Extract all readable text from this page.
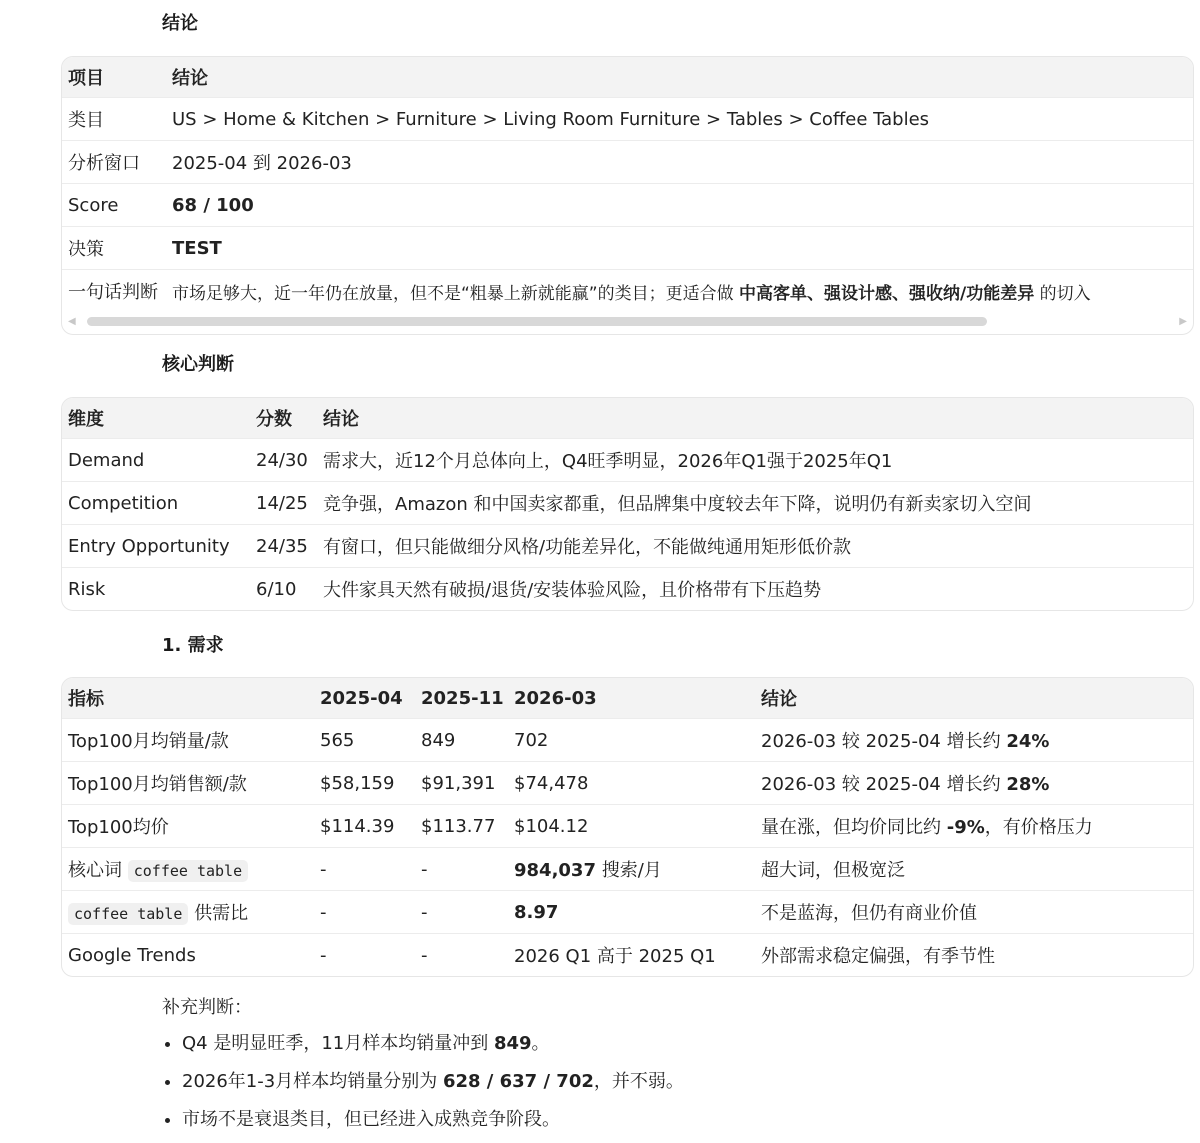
结论
项目	结论
类目	US > Home & Kitchen > Furniture > Living Room Furniture > Tables > Coffee Tables
分析窗口	2025-04 到 2026-03
Score	68 / 100
决策	TEST
一句话判断 市场足够大，近一年仍在放量，但不是“粗暴上新就能赢”的类目；更适合做 中高客单、强设计感、强收纳/功能差异 的切入
◀	▶
核心判断
维度	分数	结论
Demand	24/30 需求大，近12个月总体向上，Q4旺季明显，2026年Q1强于2025年Q1
Competition	14/25 竞争强，Amazon 和中国卖家都重，但品牌集中度较去年下降，说明仍有新卖家切入空间
Entry Opportunity	24/35 有窗口，但只能做细分风格/功能差异化，不能做纯通用矩形低价款
Risk	6/10	大件家具天然有破损/退货/安装体验风险，且价格带有下压趋势
1. 需求
指标	2025-04	2025-11 2026-03	结论
Top100月均销量/款	565	849	702	2026-03 较 2025-04 增长约 24%
Top100月均销售额/款	$58,159	$91,391	$74,478	2026-03 较 2025-04 增长约 28%
Top100均价	$114.39	$113.77	$104.12	量在涨，但均价同比约 -9%，有价格压力
核心词 coffee table	-	-	984,037 搜索/月	超大词，但极宽泛
coffee table 供需比	-	-	8.97	不是蓝海，但仍有商业价值
Google Trends	-	-	2026 Q1 高于 2025 Q1	外部需求稳定偏强，有季节性
补充判断：
• Q4 是明显旺季，11月样本均销量冲到 849。
• 2026年1-3月样本均销量分别为 628 / 637 / 702，并不弱。
• 市场不是衰退类目，但已经进入成熟竞争阶段。
